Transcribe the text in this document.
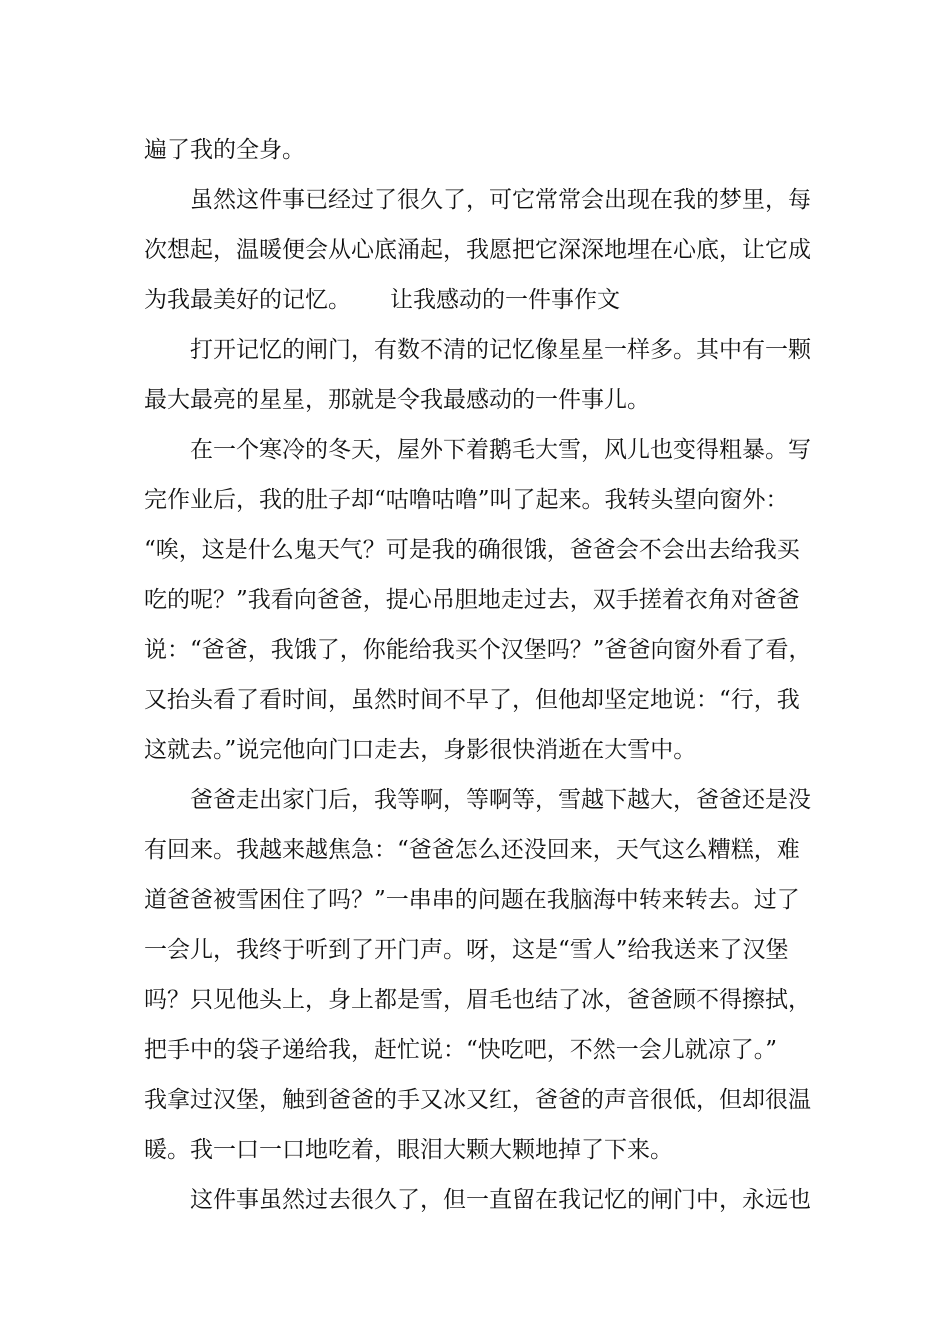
遍了我的全身。
虽然这件事已经过了很久了，可它常常会出现在我的梦里，每
次想起，温暖便会从心底涌起，我愿把它深深地埋在心底，让它成
为我最美好的记忆。 让我感动的一件事作文
打开记忆的闸门，有数不清的记忆像星星一样多。其中有一颗
最大最亮的星星，那就是令我最感动的一件事儿。
在一个寒冷的冬天，屋外下着鹅毛大雪，风儿也变得粗暴。写
完作业后，我的肚子却“咕噜咕噜”叫了起来。我转头望向窗外：
“唉，这是什么鬼天气？可是我的确很饿，爸爸会不会出去给我买
吃的呢？”我看向爸爸，提心吊胆地走过去，双手搓着衣角对爸爸
说：“爸爸，我饿了，你能给我买个汉堡吗？”爸爸向窗外看了看，
又抬头看了看时间，虽然时间不早了，但他却坚定地说：“行，我
这就去。”说完他向门口走去，身影很快消逝在大雪中。
爸爸走出家门后，我等啊，等啊等，雪越下越大，爸爸还是没
有回来。我越来越焦急：“爸爸怎么还没回来，天气这么糟糕，难
道爸爸被雪困住了吗？”一串串的问题在我脑海中转来转去。过了
一会儿，我终于听到了开门声。呀，这是“雪人”给我送来了汉堡
吗？只见他头上，身上都是雪，眉毛也结了冰，爸爸顾不得擦拭，
把手中的袋子递给我，赶忙说：“快吃吧，不然一会儿就凉了。”
我拿过汉堡，触到爸爸的手又冰又红，爸爸的声音很低，但却很温
暖。我一口一口地吃着，眼泪大颗大颗地掉了下来。
这件事虽然过去很久了，但一直留在我记忆的闸门中，永远也
